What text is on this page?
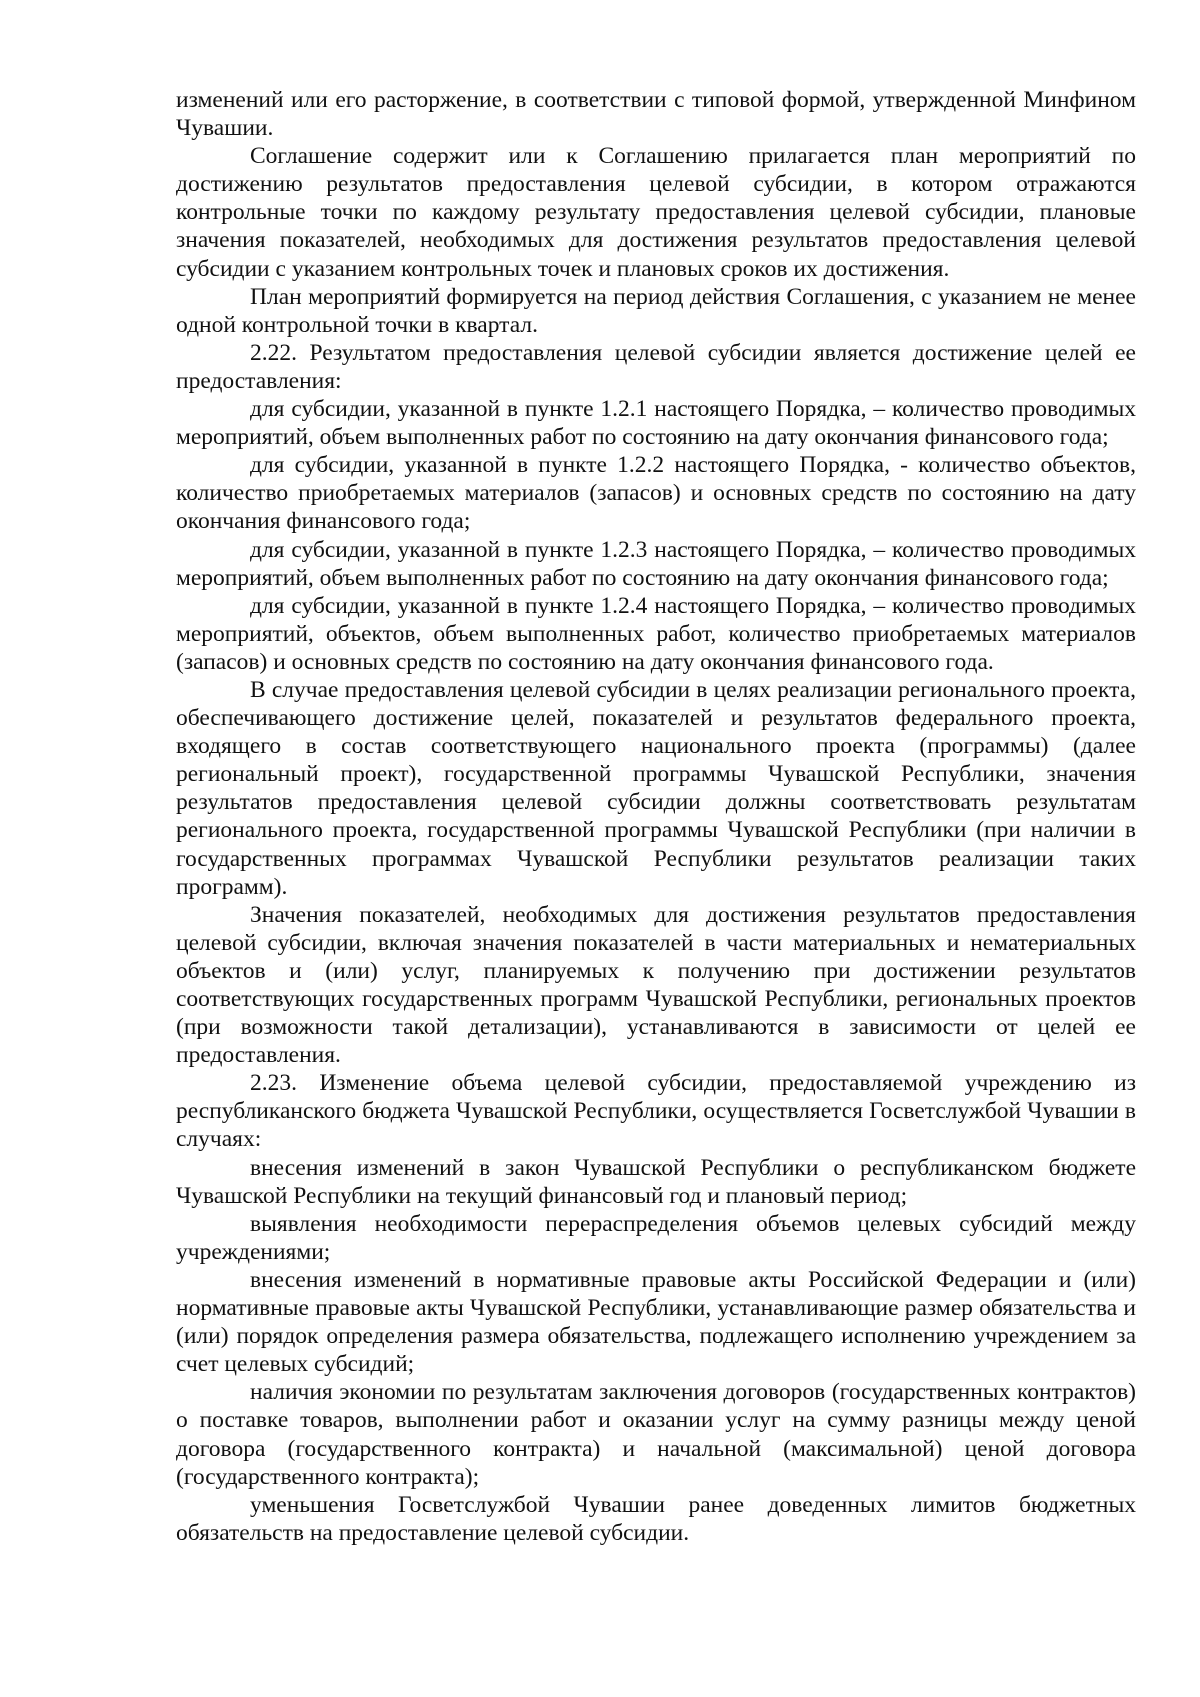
изменений или его расторжение, в соответствии с типовой формой, утвержденной Минфином Чувашии.

Соглашение содержит или к Соглашению прилагается план мероприятий по достижению результатов предоставления целевой субсидии, в котором отражаются контрольные точки по каждому результату предоставления целевой субсидии, плановые значения показателей, необходимых для достижения результатов предоставления целевой субсидии с указанием контрольных точек и плановых сроков их достижения.

План мероприятий формируется на период действия Соглашения, с указанием не менее одной контрольной точки в квартал.

2.22. Результатом предоставления целевой субсидии является достижение целей ее предоставления:

для субсидии, указанной в пункте 1.2.1 настоящего Порядка, – количество проводимых мероприятий, объем выполненных работ по состоянию на дату окончания финансового года;

для субсидии, указанной в пункте 1.2.2 настоящего Порядка, - количество объектов, количество приобретаемых материалов (запасов) и основных средств по состоянию на дату окончания финансового года;

для субсидии, указанной в пункте 1.2.3 настоящего Порядка, – количество проводимых мероприятий, объем выполненных работ по состоянию на дату окончания финансового года;

для субсидии, указанной в пункте 1.2.4 настоящего Порядка, – количество проводимых мероприятий, объектов, объем выполненных работ, количество приобретаемых материалов (запасов) и основных средств по состоянию на дату окончания финансового года.

В случае предоставления целевой субсидии в целях реализации регионального проекта, обеспечивающего достижение целей, показателей и результатов федерального проекта, входящего в состав соответствующего национального проекта (программы) (далее региональный проект), государственной программы Чувашской Республики, значения результатов предоставления целевой субсидии должны соответствовать результатам регионального проекта, государственной программы Чувашской Республики (при наличии в государственных программах Чувашской Республики результатов реализации таких программ).

Значения показателей, необходимых для достижения результатов предоставления целевой субсидии, включая значения показателей в части материальных и нематериальных объектов и (или) услуг, планируемых к получению при достижении результатов соответствующих государственных программ Чувашской Республики, региональных проектов (при возможности такой детализации), устанавливаются в зависимости от целей ее предоставления.

2.23. Изменение объема целевой субсидии, предоставляемой учреждению из республиканского бюджета Чувашской Республики, осуществляется Госветслужбой Чувашии в случаях:

внесения изменений в закон Чувашской Республики о республиканском бюджете Чувашской Республики на текущий финансовый год и плановый период;

выявления необходимости перераспределения объемов целевых субсидий между учреждениями;

внесения изменений в нормативные правовые акты Российской Федерации и (или) нормативные правовые акты Чувашской Республики, устанавливающие размер обязательства и (или) порядок определения размера обязательства, подлежащего исполнению учреждением за счет целевых субсидий;

наличия экономии по результатам заключения договоров (государственных контрактов) о поставке товаров, выполнении работ и оказании услуг на сумму разницы между ценой договора (государственного контракта) и начальной (максимальной) ценой договора (государственного контракта);

уменьшения Госветслужбой Чувашии ранее доведенных лимитов бюджетных обязательств на предоставление целевой субсидии.
